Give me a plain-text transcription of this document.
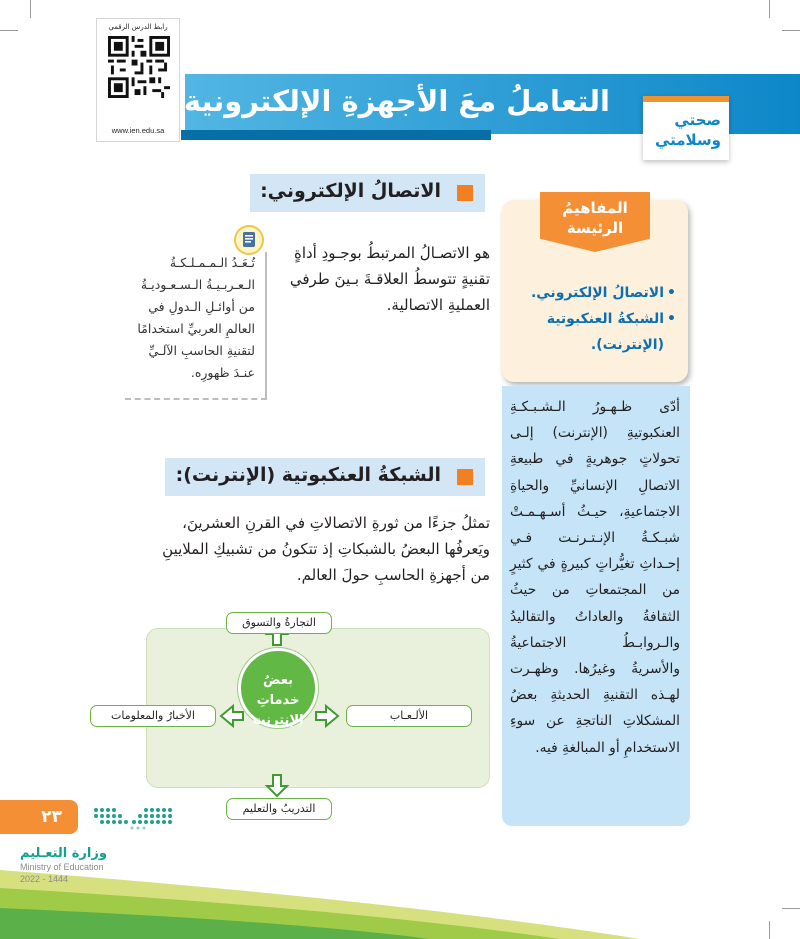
رابط الدرس الرقمي
www.ien.edu.sa
التعاملُ معَ الأجهزةِ الإلكترونية
صحتي وسلامتي
الاتصالُ الإلكتروني:
هو الاتصـالُ المرتبطُ بوجـودِ أداةٍ تقنيةٍ تتوسطُ العلاقـةَ بـينَ طرفي العمليةِ الاتصالية.
تُـعَـدُ الـمـمـلـكـةُ الـعـربـيـةُ الـسـعـوديـةُ من أوائـلِ الـدولِ في العالمِ العربيِّ استخدامًا لتقنيةِ الحاسبِ الآلـيِّ عنـدَ ظهورِه.
• الاتصالُ الإلكتروني.
• الشبكةُ العنكبوتية (الإنترنت).
المفاهيمُ الرئيسة
أدّى ظـهـورُ الـشـبـكـةِ العنكبوتيةِ (الإنترنت) إلـى تحولاتٍ جوهريةٍ في طبيعةِ الاتصالِ الإنسانيِّ والحياةِ الاجتماعيةِ، حيـثُ أسـهـمـتْ شبـكـةُ الإنـتـرنـت فـي إحـداثِ تغيُّراتٍ كبيرةٍ في كثيرٍ من المجتمعاتِ من حيثُ الثقافةُ والعاداتُ والتقاليدُ والـروابـطُ الاجتماعيةُ والأسريةُ وغيرُها. وظهـرت لهـذه التقنيةِ الحديثةِ بعضُ المشكلاتِ الناتجةِ عن سوءِ الاستخدامِ أو المبالغةِ فيه.
الشبكةُ العنكبوتية (الإنترنت):
تمثلُ جزءًا من ثورةِ الاتصالاتِ في القرنِ العشرينَ، ويَعرفُها البعضُ بالشبكاتِ إذ تتكونُ من تشبيكِ الملايينِ من أجهزةِ الحاسبِ حولَ العالم.
التجارةُ والتسوق
التدريبُ والتعليم
الأخبارُ والمعلومات	الألـعـاب
بعضُ خدماتِ الإنترنت
٢٣
وزارة التعـليم
Ministry of Education
2022 - 1444
